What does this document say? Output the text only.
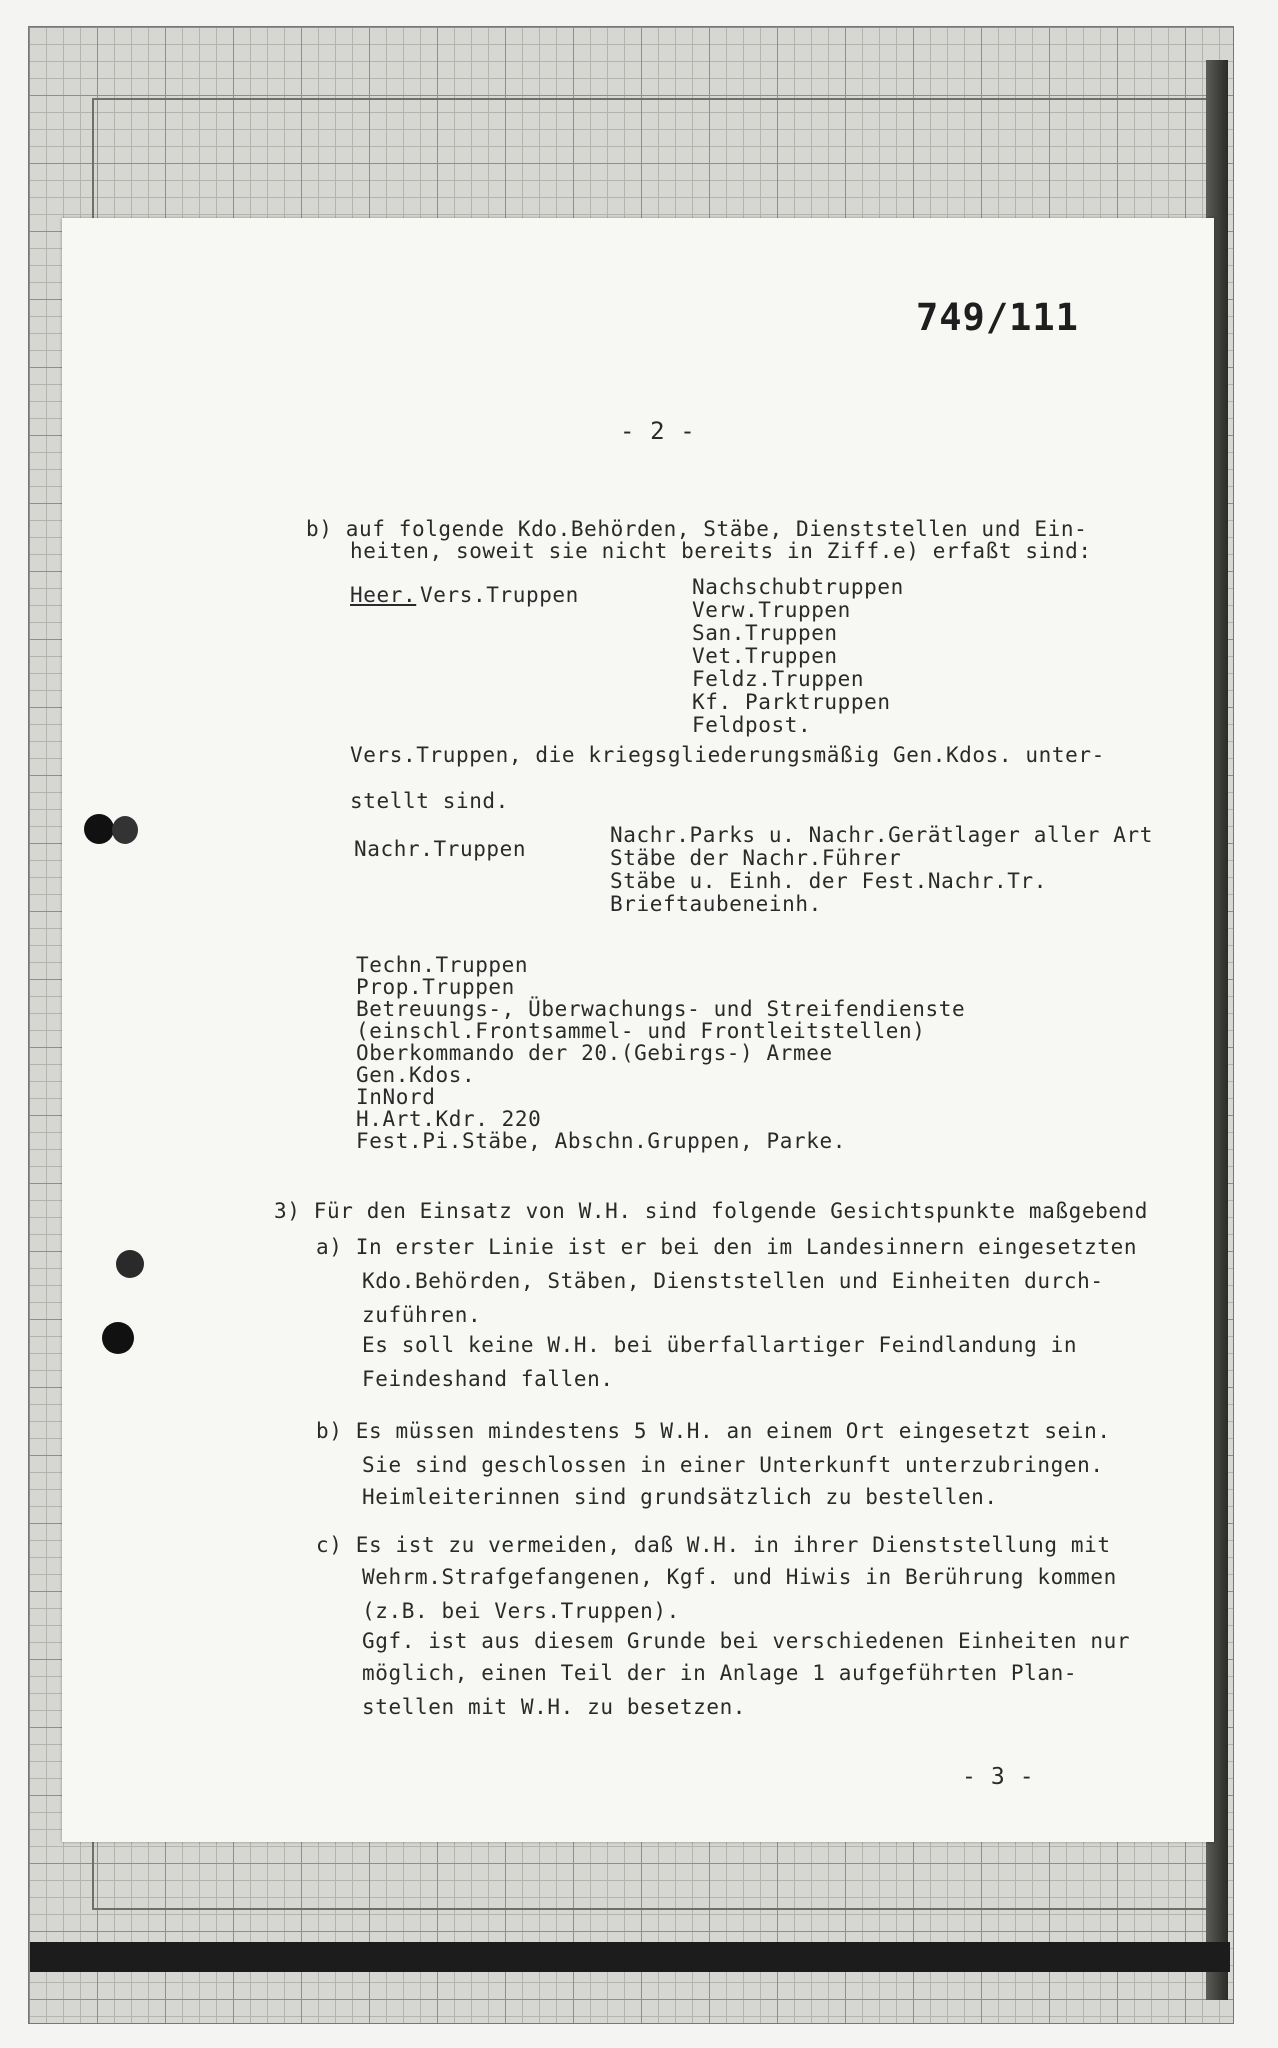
749/111
- 2 -
b) auf folgende Kdo.Behörden, Stäbe, Dienststellen und Ein-
heiten, soweit sie nicht bereits in Ziff.e) erfaßt sind:
Heer. Vers.Truppen	Nachschubtruppen
Verw.Truppen
San.Truppen
Vet.Truppen
Feldz.Truppen
Kf. Parktruppen
Feldpost.
Vers.Truppen, die kriegsgliederungsmäßig Gen.Kdos. unter-
stellt sind.
Nachr.Truppen
Nachr.Parks u. Nachr.Gerätlager aller Art
Stäbe der Nachr.Führer
Stäbe u. Einh. der Fest.Nachr.Tr.
Brieftaubeneinh.
Techn.Truppen
Prop.Truppen
Betreuungs-, Überwachungs- und Streifendienste
(einschl.Frontsammel- und Frontleitstellen)
Oberkommando der 20.(Gebirgs-) Armee
Gen.Kdos.
InNord
H.Art.Kdr. 220
Fest.Pi.Stäbe, Abschn.Gruppen, Parke.
3) Für den Einsatz von W.H. sind folgende Gesichtspunkte maßgebend
a) In erster Linie ist er bei den im Landesinnern eingesetzten
Kdo.Behörden, Stäben, Dienststellen und Einheiten durch-
zuführen.
Es soll keine W.H. bei überfallartiger Feindlandung in
Feindeshand fallen.
b) Es müssen mindestens 5 W.H. an einem Ort eingesetzt sein.
Sie sind geschlossen in einer Unterkunft unterzubringen.
Heimleiterinnen sind grundsätzlich zu bestellen.
c) Es ist zu vermeiden, daß W.H. in ihrer Dienststellung mit
Wehrm.Strafgefangenen, Kgf. und Hiwis in Berührung kommen
(z.B. bei Vers.Truppen).
Ggf. ist aus diesem Grunde bei verschiedenen Einheiten nur
möglich, einen Teil der in Anlage 1 aufgeführten Plan-
stellen mit W.H. zu besetzen.
- 3 -
